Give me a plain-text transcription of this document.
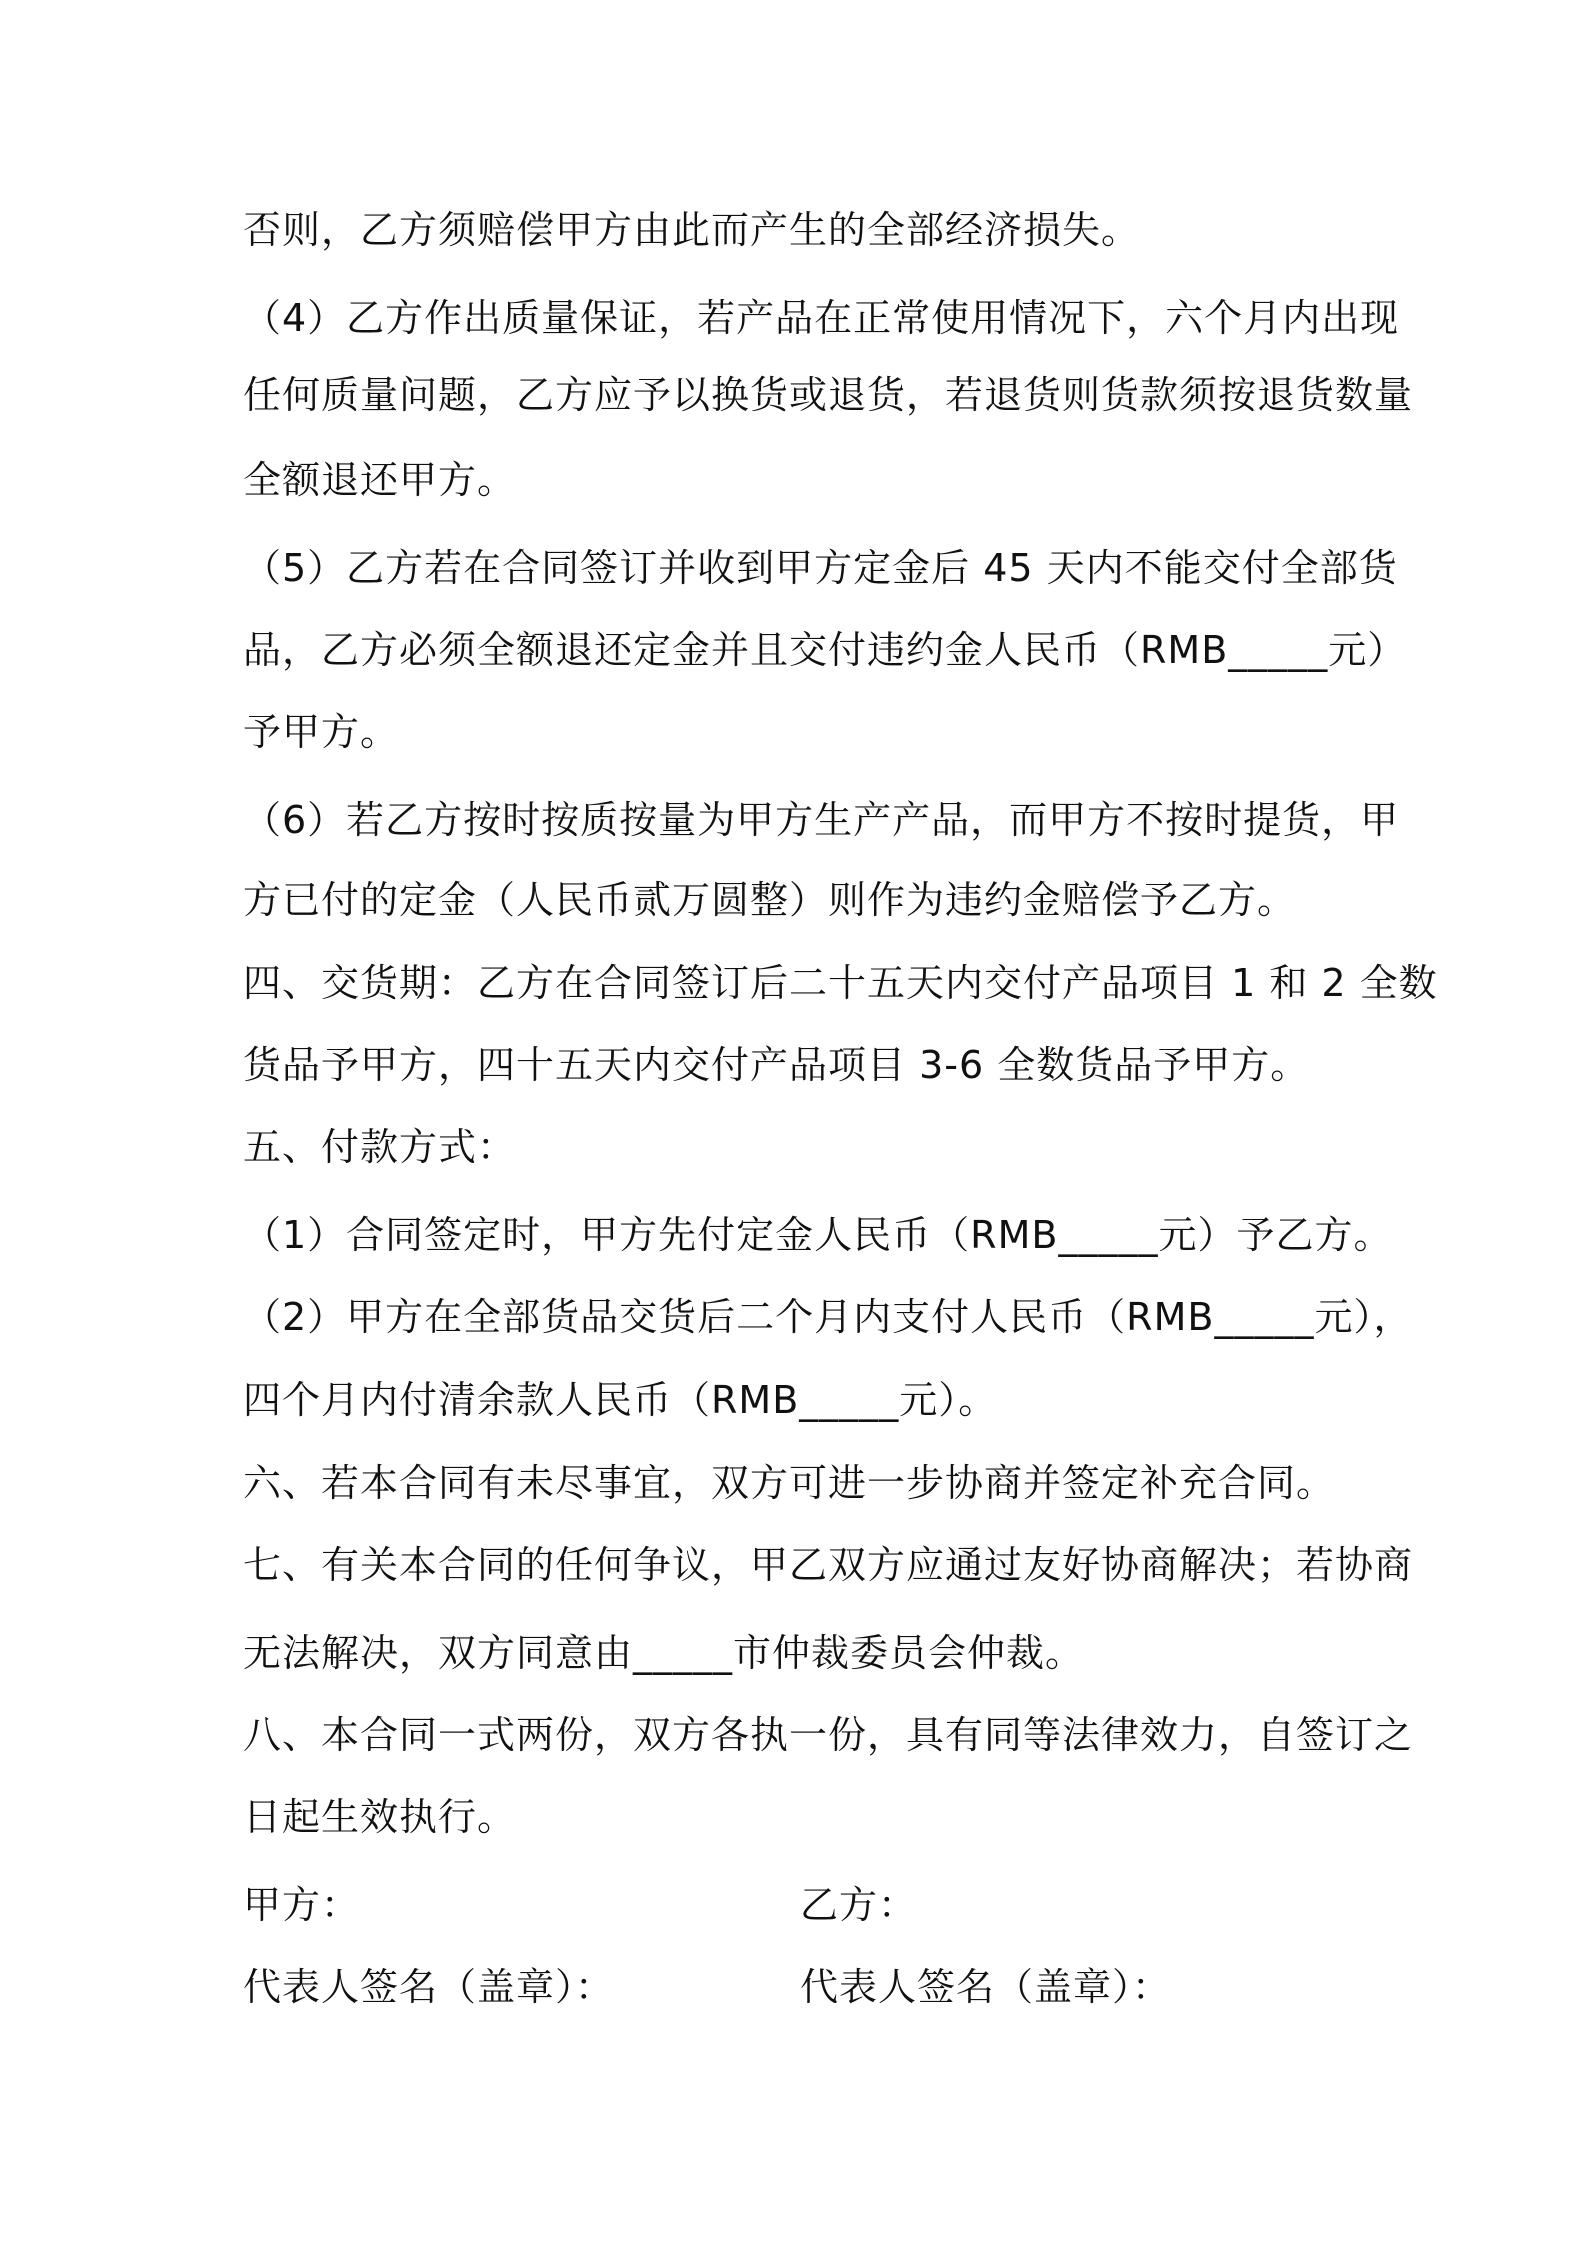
否则，乙方须赔偿甲方由此而产生的全部经济损失。
（4）乙方作出质量保证，若产品在正常使用情况下，六个月内出现
任何质量问题，乙方应予以换货或退货，若退货则货款须按退货数量
全额退还甲方。
（5）乙方若在合同签订并收到甲方定金后 45 天内不能交付全部货
品，乙方必须全额退还定金并且交付违约金人民币（RMB_____元）
予甲方。
（6）若乙方按时按质按量为甲方生产产品，而甲方不按时提货，甲
方已付的定金（人民币贰万圆整）则作为违约金赔偿予乙方。
四、交货期：乙方在合同签订后二十五天内交付产品项目 1 和 2 全数
货品予甲方，四十五天内交付产品项目 3-6 全数货品予甲方。
五、付款方式：
（1）合同签定时，甲方先付定金人民币（RMB_____元）予乙方。
（2）甲方在全部货品交货后二个月内支付人民币（RMB_____元），
四个月内付清余款人民币（RMB_____元）。
六、若本合同有未尽事宜，双方可进一步协商并签定补充合同。
七、有关本合同的任何争议，甲乙双方应通过友好协商解决；若协商
无法解决，双方同意由_____市仲裁委员会仲裁。
八、本合同一式两份，双方各执一份，具有同等法律效力，自签订之
日起生效执行。
甲方：	乙方：
代表人签名（盖章）：	代表人签名（盖章）：
